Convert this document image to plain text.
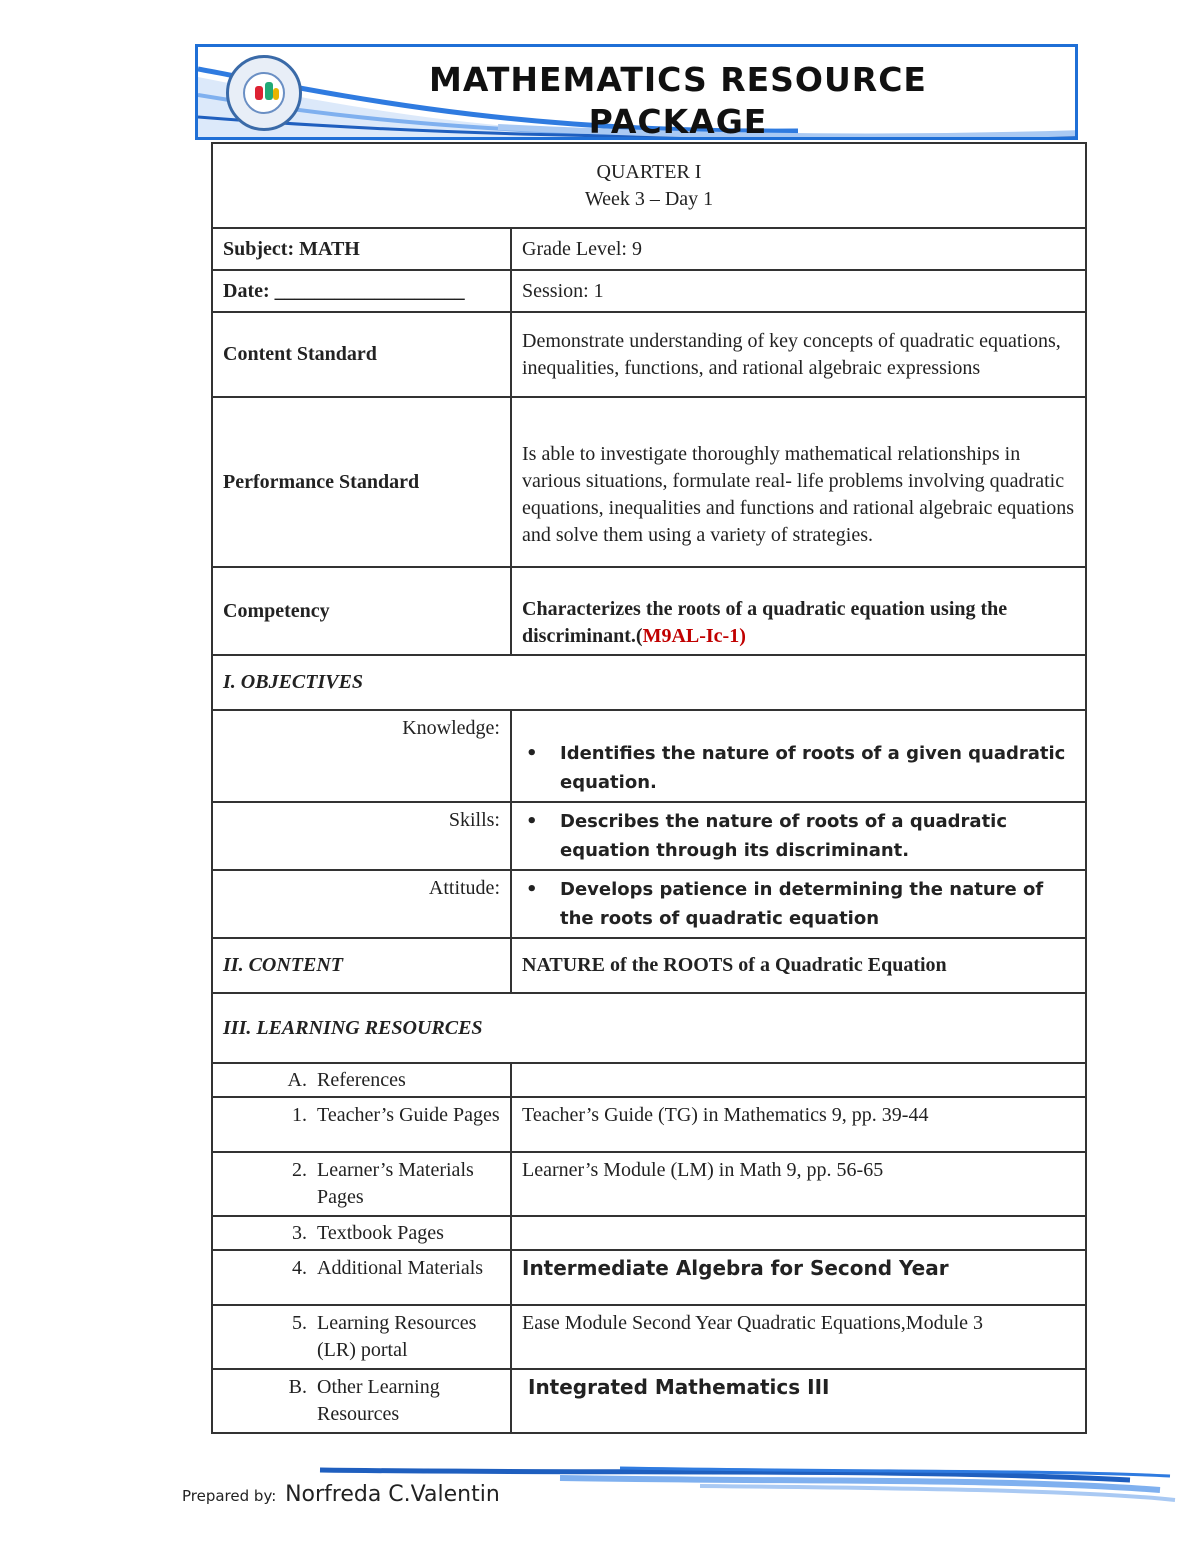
MATHEMATICS RESOURCE PACKAGE
QUARTER I
Week 3 – Day 1	

Subject: MATH	Grade Level: 9
Date: ___________________	Session: 1
Content Standard	Demonstrate understanding of key concepts of quadratic equations, inequalities, functions, and rational algebraic expressions
Performance Standard	Is able to investigate thoroughly mathematical relationships in various situations, formulate real- life problems involving quadratic equations, inequalities and functions and rational algebraic equations and solve them using a variety of strategies.
Competency	Characterizes the roots of a quadratic equation using the discriminant.(M9AL-Ic-1)
I. OBJECTIVES	
Knowledge:	• Identifies the nature of roots of a given quadratic equation.

Skills:	• Describes the nature of roots of a quadratic equation through its discriminant.

Attitude:	• Develops patience in determining the nature of the roots of quadratic equation

II. CONTENT	NATURE of the ROOTS of a Quadratic Equation
III. LEARNING RESOURCES	

A. References	

1. Teacher’s Guide Pages	Teacher’s Guide (TG) in Mathematics 9, pp. 39-44

2. Learner’s Materials Pages	Learner’s Module (LM) in Math 9, pp. 56-65

3. Textbook Pages	

4. Additional Materials	Intermediate Algebra for Second Year

5. Learning Resources (LR) portal	Ease Module Second Year Quadratic Equations,Module 3

B. Other Learning Resources	Integrated Mathematics III
Prepared by: Norfreda C.Valentin
